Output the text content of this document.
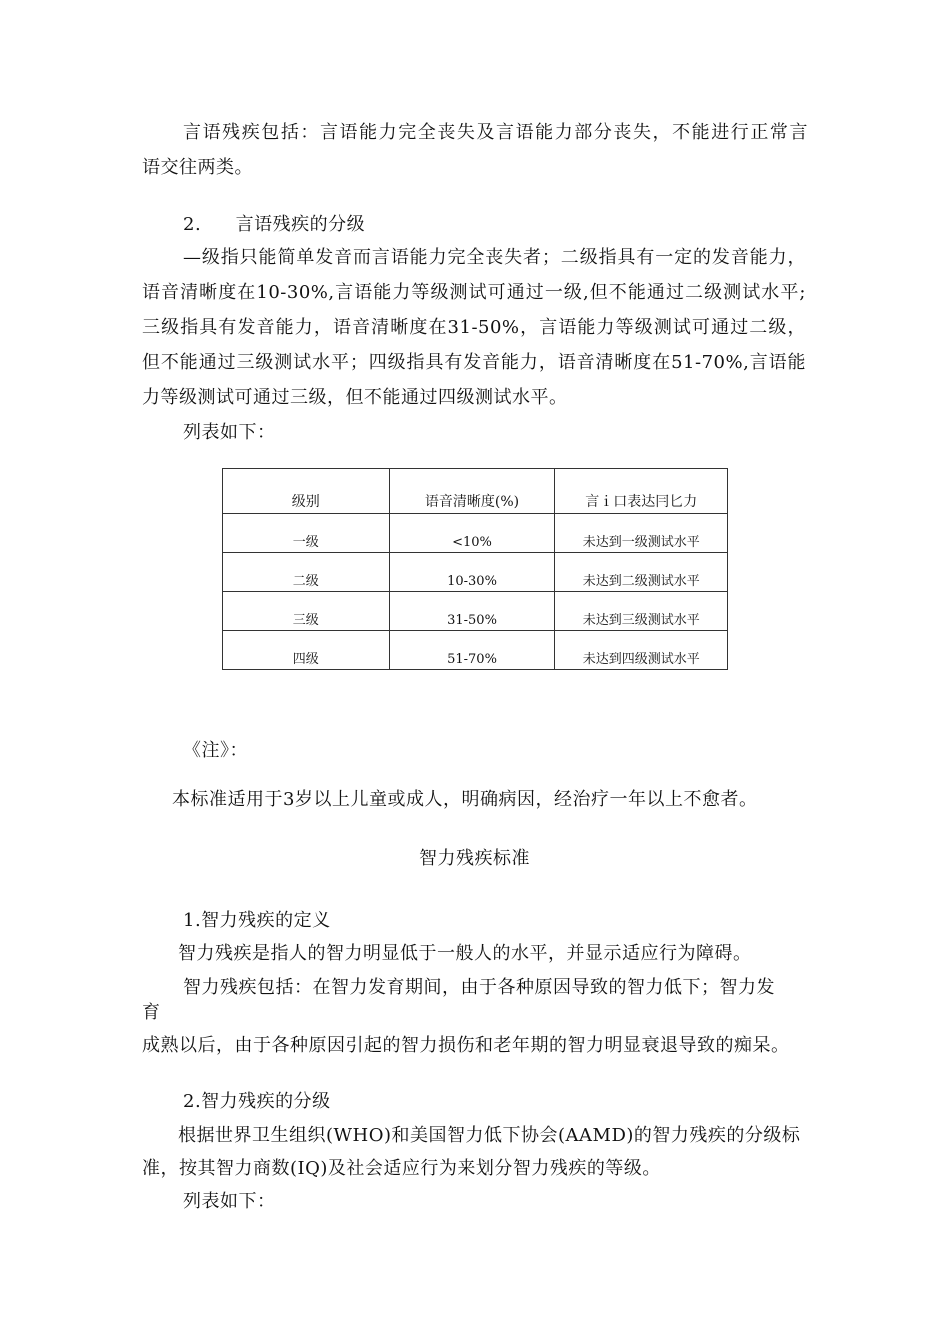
言语残疾包括：言语能力完全丧失及言语能力部分丧失，不能进行正常言
语交往两类。
2. 言语残疾的分级
—级指只能简单发音而言语能力完全丧失者；二级指具有一定的发音能力，
语音清晰度在10-30%,言语能力等级测试可通过一级,但不能通过二级测试水平;
三级指具有发音能力，语音清晰度在31-50%，言语能力等级测试可通过二级，
但不能通过三级测试水平；四级指具有发音能力，语音清晰度在51-70%,言语能
力等级测试可通过三级，但不能通过四级测试水平。
列表如下：
级别	语音清晰度(%)	言ｉ口表达冃匕力
一级	<10%	未达到一级测试水平
二级	10-30%	未达到二级测试水平
三级	31-50%	未达到三级测试水平
四级	51-70%	未达到四级测试水平
《注》：
本标准适用于3岁以上儿童或成人，明确病因，经治疗一年以上不愈者。
智力残疾标准
1.智力残疾的定义
智力残疾是指人的智力明显低于一般人的水平，并显示适应行为障碍。
智力残疾包括：在智力发育期间，由于各种原因导致的智力低下；智力发
育
成熟以后，由于各种原因引起的智力损伤和老年期的智力明显衰退导致的痴呆。
2.智力残疾的分级
根据世界卫生组织(WHO)和美国智力低下协会(AAMD)的智力残疾的分级标
准，按其智力商数(IQ)及社会适应行为来划分智力残疾的等级。
列表如下：
